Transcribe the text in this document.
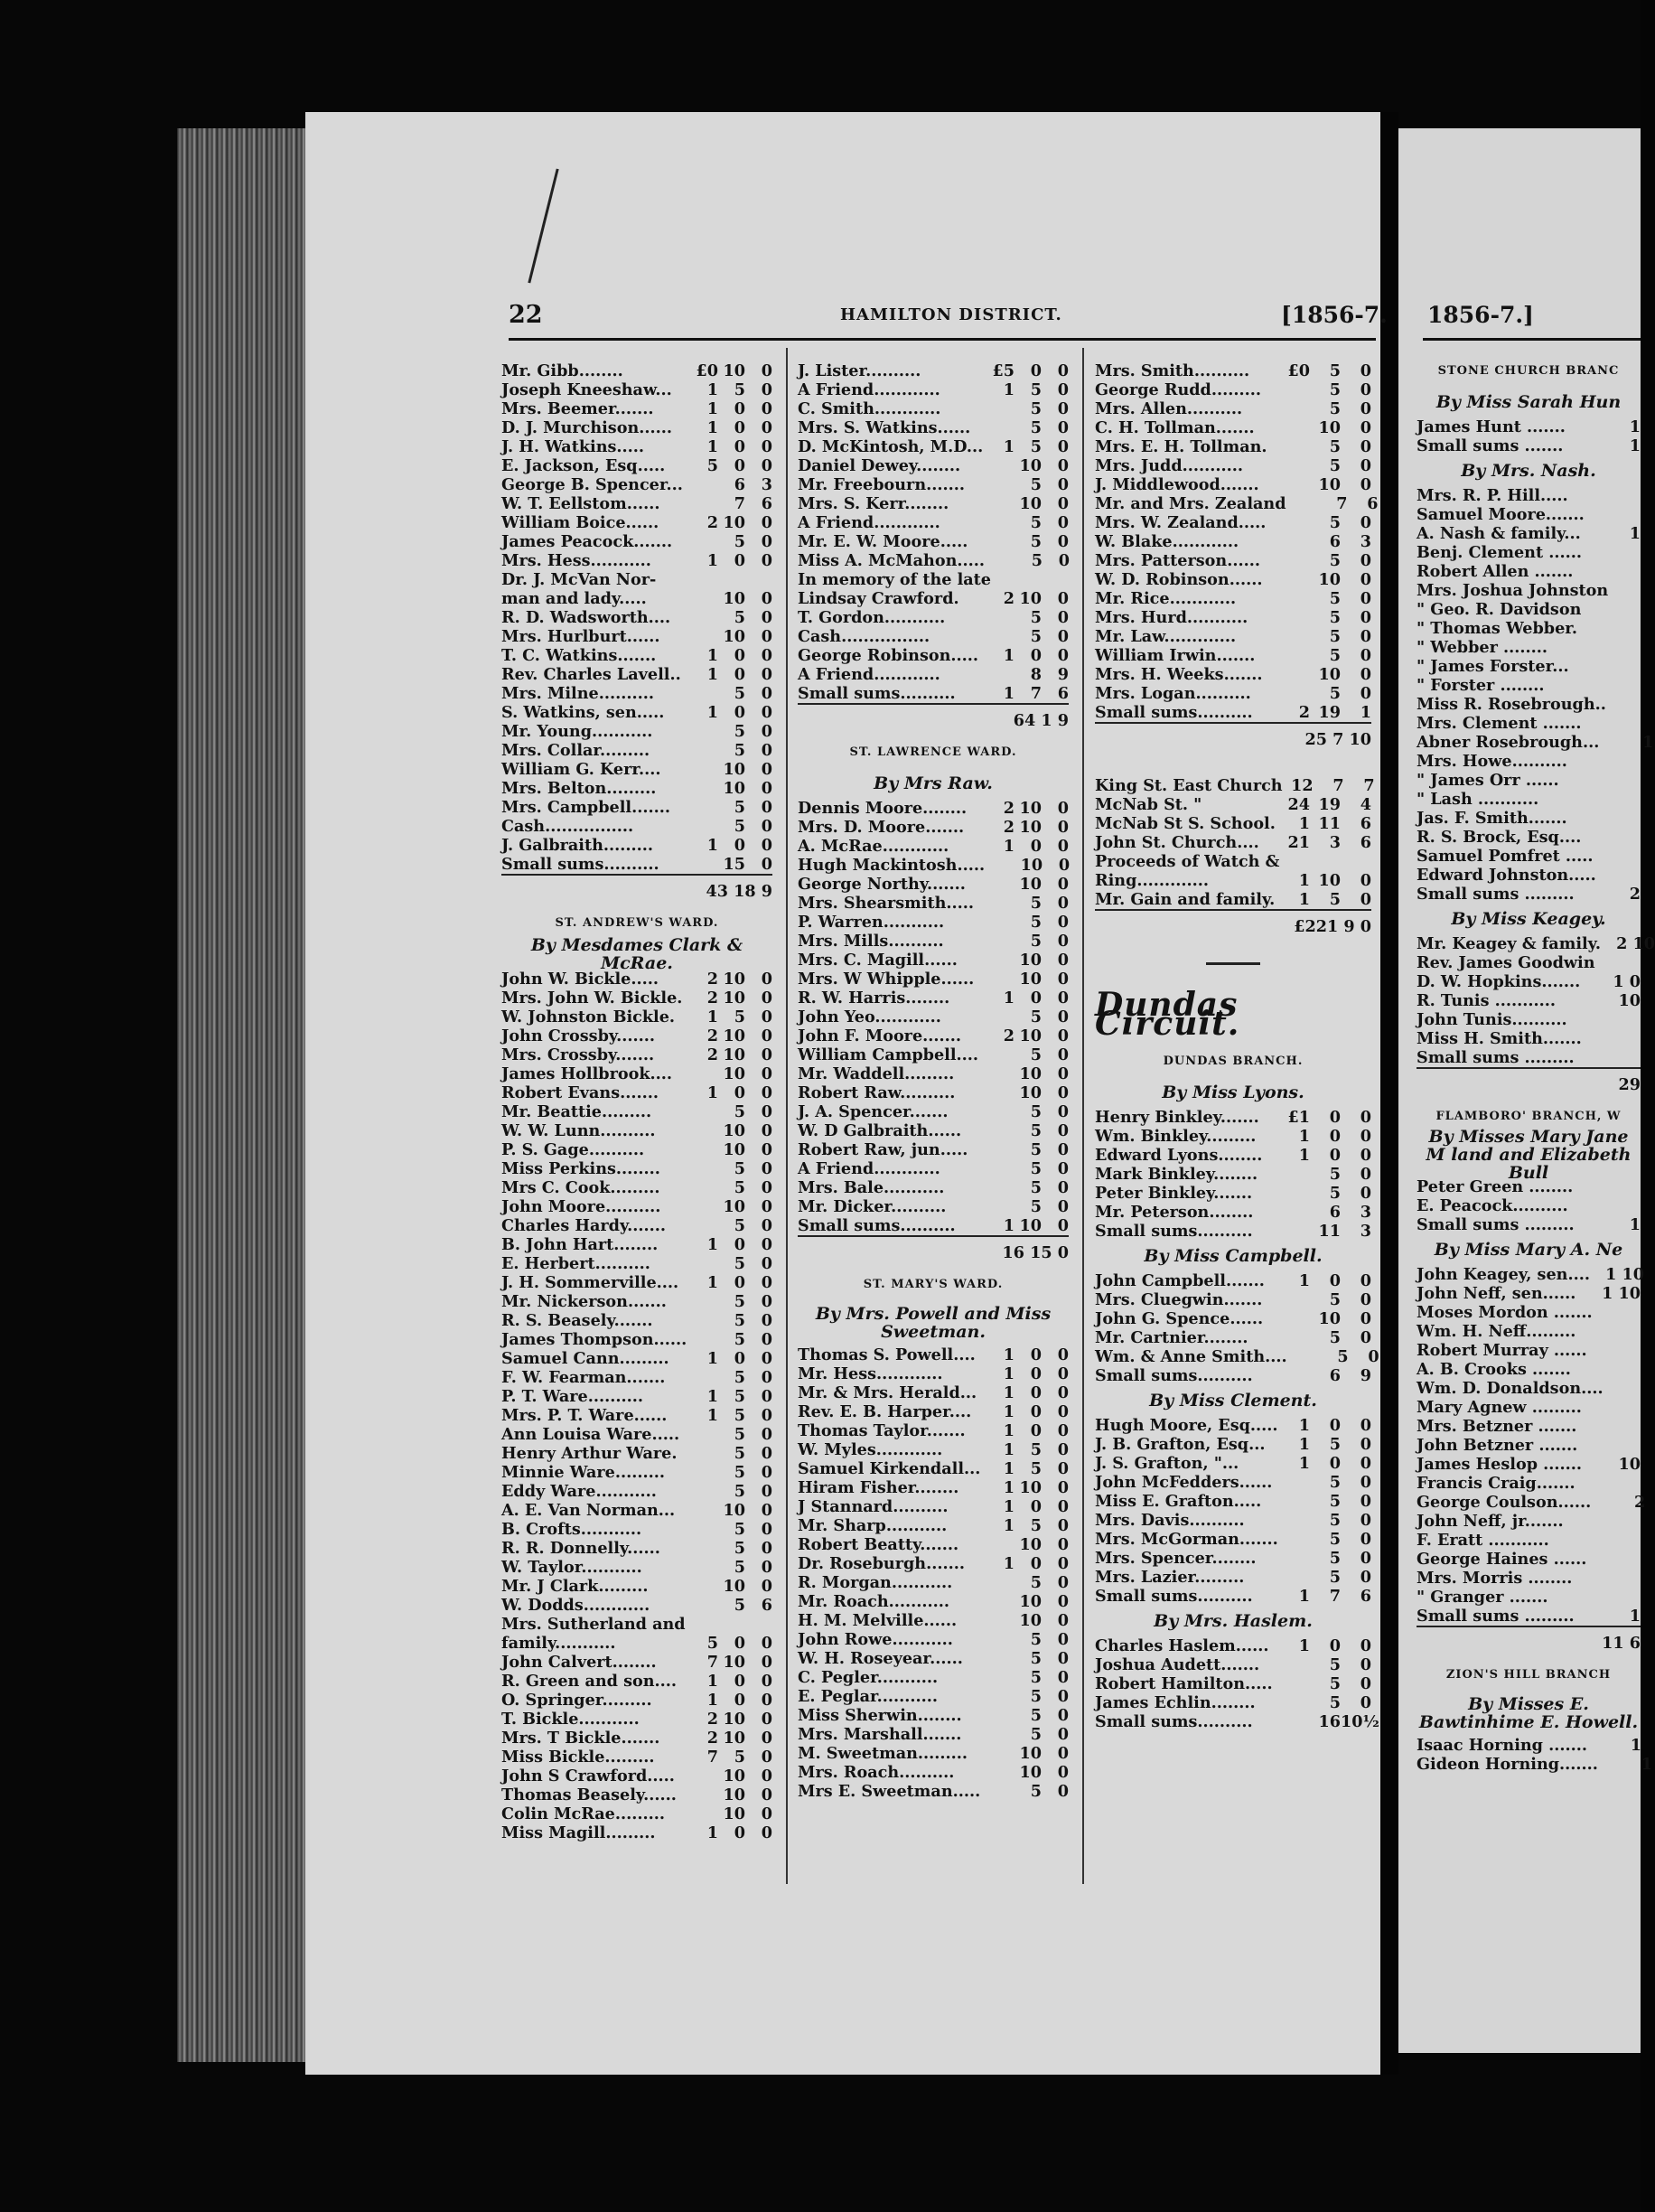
22	HAMILTON DISTRICT.	[1856-7. 1856-7.]
Mr. Gibb........	£0 10	0
Joseph Kneeshaw...	1	5	0
Mrs. Beemer.......	1	0	0
D. J. Murchison......	1	0	0
J. H. Watkins.....	1	0	0
E. Jackson, Esq.....	5	0	0
George B. Spencer...	6	3
W. T. Eellstom......	7	6
William Boice......	2 10	0
James Peacock.......	5	0
Mrs. Hess...........	1	0	0
Dr. J. McVan Nor-
man and lady.....	10	0
R. D. Wadsworth....	5	0
Mrs. Hurlburt......	10	0
T. C. Watkins.......	1	0	0
Rev. Charles Lavell..	1	0	0
Mrs. Milne..........	5	0
S. Watkins, sen.....	1	0	0
Mr. Young...........	5	0
Mrs. Collar.........	5	0
William G. Kerr....	10	0
Mrs. Belton.........	10	0
Mrs. Campbell.......	5	0
Cash................	5	0
J. Galbraith.........	1	0	0
Small sums..........	15	0
43 18 9
ST. ANDREW'S WARD.
By Mesdames Clark & McRae.
John W. Bickle.....	2 10	0
Mrs. John W. Bickle.	2 10	0
W. Johnston Bickle.	1	5	0
John Crossby.......	2 10	0
Mrs. Crossby.......	2 10	0
James Hollbrook....	10	0
Robert Evans.......	1	0	0
Mr. Beattie.........	5	0
W. W. Lunn..........	10	0
P. S. Gage..........	10	0
Miss Perkins........	5	0
Mrs C. Cook.........	5	0
John Moore..........	10	0
Charles Hardy.......	5	0
B. John Hart........	1	0	0
E. Herbert..........	5	0
J. H. Sommerville....	1	0	0
Mr. Nickerson.......	5	0
R. S. Beasely.......	5	0
James Thompson......	5	0
Samuel Cann.........	1	0	0
F. W. Fearman.......	5	0
P. T. Ware..........	1	5	0
Mrs. P. T. Ware......	1	5	0
Ann Louisa Ware.....	5	0
Henry Arthur Ware.	5	0
Minnie Ware.........	5	0
Eddy Ware...........	5	0
A. E. Van Norman...	10	0
B. Crofts...........	5	0
R. R. Donnelly......	5	0
W. Taylor...........	5	0
Mr. J Clark.........	10	0
W. Dodds............	5	6
Mrs. Sutherland and
family...........	5	0	0
John Calvert........	7 10	0
R. Green and son....	1	0	0
O. Springer.........	1	0	0
T. Bickle...........	2 10	0
Mrs. T Bickle.......	2 10	0
Miss Bickle.........	7	5	0
John S Crawford.....	10	0
Thomas Beasely......	10	0
Colin McRae.........	10	0
Miss Magill.........	1	0	0
J. Lister..........	£5	0	0
A Friend............	1	5	0
C. Smith............	5	0
Mrs. S. Watkins......	5	0
D. McKintosh, M.D...	1	5	0
Daniel Dewey........	10	0
Mr. Freebourn.......	5	0
Mrs. S. Kerr........	10	0
A Friend............	5	0
Mr. E. W. Moore.....	5	0
Miss A. McMahon.....	5	0
In memory of the late
Lindsay Crawford.	2 10	0
T. Gordon...........	5	0
Cash................	5	0
George Robinson.....	1	0	0
A Friend............	8	9
Small sums..........	1	7	6
64 1 9
ST. LAWRENCE WARD.
By Mrs Raw.
Dennis Moore........	2 10	0
Mrs. D. Moore.......	2 10	0
A. McRae............	1	0	0
Hugh Mackintosh.....	10	0
George Northy.......	10	0
Mrs. Shearsmith.....	5	0
P. Warren...........	5	0
Mrs. Mills..........	5	0
Mrs. C. Magill......	10	0
Mrs. W Whipple......	10	0
R. W. Harris........	1	0	0
John Yeo............	5	0
John F. Moore.......	2 10	0
William Campbell....	5	0
Mr. Waddell.........	10	0
Robert Raw..........	10	0
J. A. Spencer.......	5	0
W. D Galbraith......	5	0
Robert Raw, jun.....	5	0
A Friend............	5	0
Mrs. Bale...........	5	0
Mr. Dicker..........	5	0
Small sums..........	1 10	0
16 15 0
ST. MARY'S WARD.
By Mrs. Powell and Miss Sweetman.
Thomas S. Powell....	1	0	0
Mr. Hess............	1	0	0
Mr. & Mrs. Herald...	1	0	0
Rev. E. B. Harper....	1	0	0
Thomas Taylor.......	1	0	0
W. Myles............	1	5	0
Samuel Kirkendall...	1	5	0
Hiram Fisher........	1 10	0
J Stannard..........	1	0	0
Mr. Sharp...........	1	5	0
Robert Beatty.......	10	0
Dr. Roseburgh.......	1	0	0
R. Morgan...........	5	0
Mr. Roach...........	10	0
H. M. Melville......	10	0
John Rowe...........	5	0
W. H. Roseyear......	5	0
C. Pegler...........	5	0
E. Peglar...........	5	0
Miss Sherwin........	5	0
Mrs. Marshall.......	5	0
M. Sweetman.........	10	0
Mrs. Roach..........	10	0
Mrs E. Sweetman.....	5	0
Mrs. Smith..........	£0	5	0
George Rudd.........	5	0
Mrs. Allen..........	5	0
C. H. Tollman.......	10	0
Mrs. E. H. Tollman.	5	0
Mrs. Judd...........	5	0
J. Middlewood.......	10	0
Mr. and Mrs. Zealand	7	6
Mrs. W. Zealand.....	5	0
W. Blake............	6	3
Mrs. Patterson......	5	0
W. D. Robinson......	10	0
Mr. Rice............	5	0
Mrs. Hurd...........	5	0
Mr. Law.............	5	0
William Irwin.......	5	0
Mrs. H. Weeks.......	10	0
Mrs. Logan..........	5	0
Small sums..........	2 19	1
25 7 10
King St. East Church 12	7	7
McNab St. "	24 19	4
McNab St S. School.	1 11	6
John St. Church....	21	3	6
Proceeds of Watch &
Ring.............	1 10	0
Mr. Gain and family.	1	5	0
£221 9 0
Dundas Circuit.
DUNDAS BRANCH.
By Miss Lyons.
Henry Binkley.......	£1	0	0
Wm. Binkley.........	1	0	0
Edward Lyons........	1	0	0
Mark Binkley........	5	0
Peter Binkley.......	5	0
Mr. Peterson........	6	3
Small sums..........	11	3
By Miss Campbell.
John Campbell.......	1	0	0
Mrs. Cluegwin.......	5	0
John G. Spence......	10	0
Mr. Cartnier........	5	0
Wm. & Anne Smith....	5	0
Small sums..........	6	9
By Miss Clement.
Hugh Moore, Esq.....	1	0	0
J. B. Grafton, Esq...	1	5	0
J. S. Grafton, "...	1	0	0
John McFedders......	5	0
Miss E. Grafton.....	5	0
Mrs. Davis..........	5	0
Mrs. McGorman.......	5	0
Mrs. Spencer........	5	0
Mrs. Lazier.........	5	0
Small sums..........	1	7	6
By Mrs. Haslem.
Charles Haslem......	1	0	0
Joshua Audett.......	5	0
Robert Hamilton.....	5	0
James Echlin........	5	0
Small sums..........	16 10½
STONE CHURCH BRANC
By Miss Sarah Hun
James Hunt .......	1
Small sums .......	1
By Mrs. Nash.
Mrs. R. P. Hill.....
Samuel Moore.......
A. Nash & family...	1
Benj. Clement ......
Robert Allen .......
Mrs. Joshua Johnston
" Geo. R. Davidson
" Thomas Webber.
" Webber ........
" James Forster...
" Forster ........
Miss R. Rosebrough..
Mrs. Clement .......
Abner Rosebrough...	1
Mrs. Howe..........
" James Orr ......
" Lash ...........
Jas. F. Smith.......
R. S. Brock, Esq....
Samuel Pomfret .....
Edward Johnston.....
Small sums .........	2
By Miss Keagey.
Mr. Keagey & family. 2 10
Rev. James Goodwin
D. W. Hopkins.......	1 0
R. Tunis ...........	10
John Tunis..........
Miss H. Smith.......
Small sums .........
29
FLAMBORO' BRANCH, W
By Misses Mary Jane M land and Elizabeth Bull
Peter Green ........
E. Peacock..........
Small sums .........	1
By Miss Mary A. Ne
John Keagey, sen.... 1 10
John Neff, sen......	1 10
Moses Mordon .......
Wm. H. Neff.........
Robert Murray ......
A. B. Crooks .......
Wm. D. Donaldson....
Mary Agnew .........
Mrs. Betzner .......
John Betzner .......
James Heslop .......	10
Francis Craig.......
George Coulson......	2
John Neff, jr.......
F. Eratt ...........
George Haines ......
Mrs. Morris ........
" Granger .......
Small sums .........	1
11 6
ZION'S HILL BRANCH
By Misses E. Bawtinhime E. Howell.
Isaac Horning .......	1
Gideon Horning.......	1
